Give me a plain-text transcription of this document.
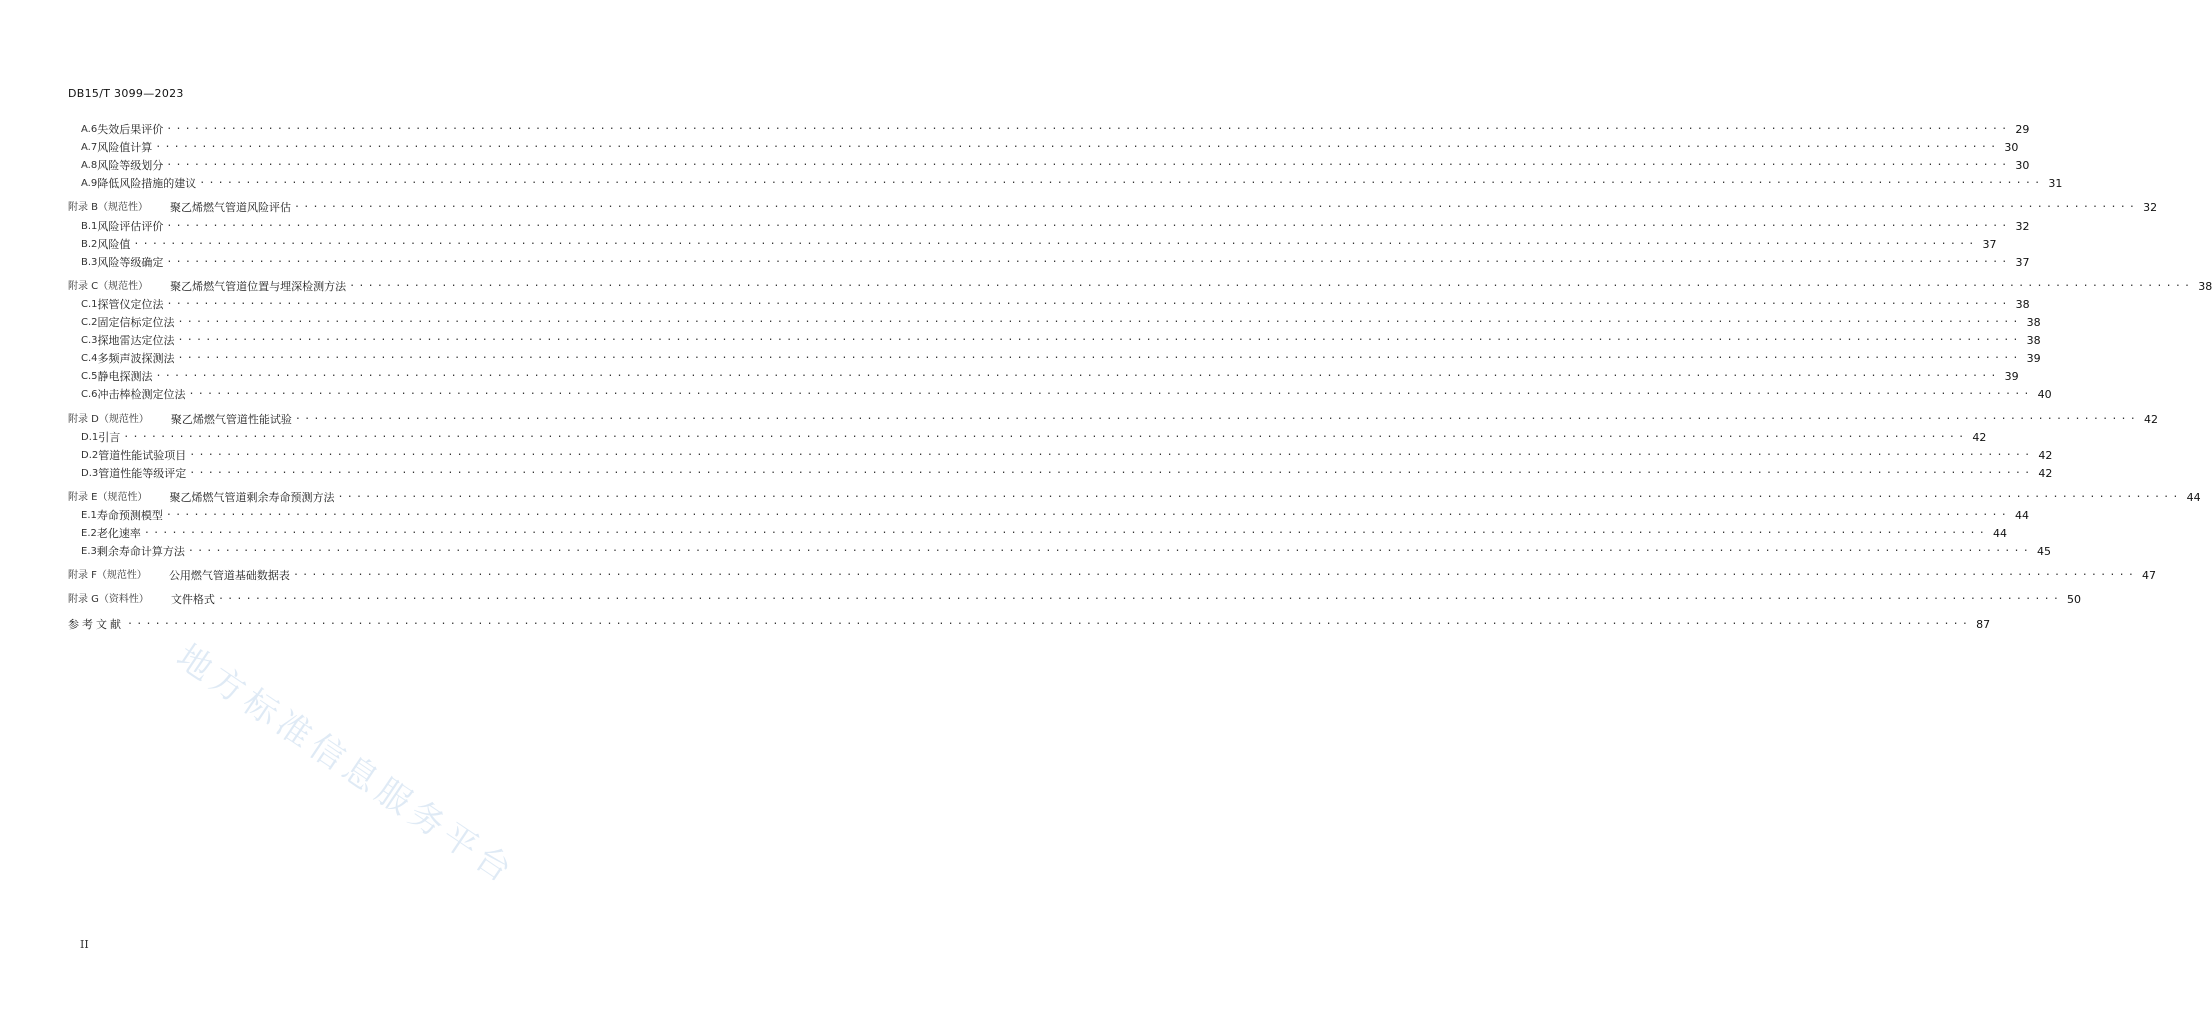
DB15/T 3099—2023
A.6 失效后果评价 ........................................................................................................................................................................................................ 29
A.7 风险值计算 ........................................................................................................................................................................................................ 30
A.8 风险等级划分 ........................................................................................................................................................................................................ 30
A.9 降低风险措施的建议 ........................................................................................................................................................................................................ 31
附录 B（规范性） 聚乙烯燃气管道风险评估 ........................................................................................................................................................................................................ 32
B.1 风险评估评价 ........................................................................................................................................................................................................ 32
B.2 风险值 ........................................................................................................................................................................................................ 37
B.3 风险等级确定 ........................................................................................................................................................................................................ 37
附录 C（规范性） 聚乙烯燃气管道位置与埋深检测方法 ........................................................................................................................................................................................................ 38
C.1 探管仪定位法 ........................................................................................................................................................................................................ 38
C.2 固定信标定位法 ........................................................................................................................................................................................................ 38
C.3 探地雷达定位法 ........................................................................................................................................................................................................ 38
C.4 多频声波探测法 ........................................................................................................................................................................................................ 39
C.5 静电探测法 ........................................................................................................................................................................................................ 39
C.6 冲击棒检测定位法 ........................................................................................................................................................................................................ 40
附录 D（规范性） 聚乙烯燃气管道性能试验 ........................................................................................................................................................................................................ 42
D.1 引言 ........................................................................................................................................................................................................ 42
D.2 管道性能试验项目 ........................................................................................................................................................................................................ 42
D.3 管道性能等级评定 ........................................................................................................................................................................................................ 42
附录 E（规范性） 聚乙烯燃气管道剩余寿命预测方法 ........................................................................................................................................................................................................ 44
E.1 寿命预测模型 ........................................................................................................................................................................................................ 44
E.2 老化速率 ........................................................................................................................................................................................................ 44
E.3 剩余寿命计算方法 ........................................................................................................................................................................................................ 45
附录 F（规范性） 公用燃气管道基础数据表 ........................................................................................................................................................................................................ 47
附录 G（资料性） 文件格式 ........................................................................................................................................................................................................ 50
参考文献 ........................................................................................................................................................................................................ 87
地方标准信息服务平台
II
